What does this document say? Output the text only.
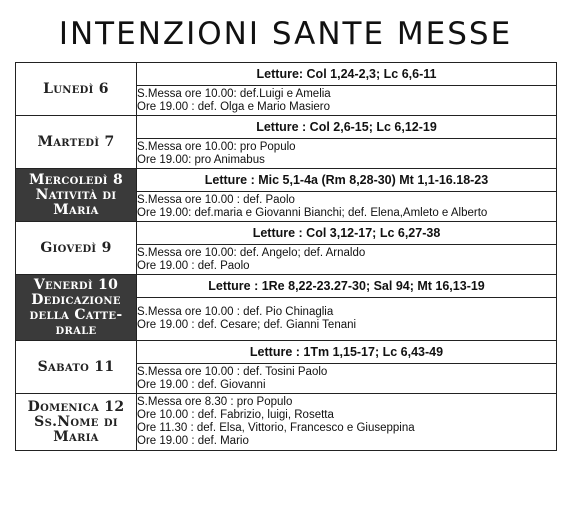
INTENZIONI SANTE MESSE
Lunedì 6	Letture: Col 1,24-2,3; Lc 6,6-11

	S.Messa ore 10.00: def.Luigi e Amelia
Ore 19.00 : def. Olga e Mario Masiero

Martedì 7	Letture : Col 2,6-15; Lc 6,12-19

	S.Messa ore 10.00: pro Populo
Ore 19.00: pro Animabus

Mercoledì 8
Natività di
Maria	Letture : Mic 5,1-4a (Rm 8,28-30) Mt 1,1-16.18-23

	S.Messa ore 10.00 : def. Paolo
Ore 19.00: def.maria e Giovanni Bianchi; def. Elena,Amleto e Alberto

Giovedì 9	Letture : Col 3,12-17; Lc 6,27-38

	S.Messa ore 10.00: def. Angelo; def. Arnaldo
Ore 19.00 : def. Paolo

Venerdì 10
Dedicazione
della Catte-
drale	Letture : 1Re 8,22-23.27-30; Sal 94; Mt 16,13-19

	S.Messa ore 10.00 : def. Pio Chinaglia
Ore 19.00 : def. Cesare; def. Gianni Tenani

Sabato 11	Letture : 1Tm 1,15-17; Lc 6,43-49

	S.Messa ore 10.00 : def. Tosini Paolo
Ore 19.00 : def. Giovanni

Domenica 12
Ss.Nome di
Maria	S.Messa ore 8.30 : pro Populo
Ore 10.00 : def. Fabrizio, luigi, Rosetta
Ore 11.30 : def. Elsa, Vittorio, Francesco e Giuseppina
Ore 19.00 : def. Mario
